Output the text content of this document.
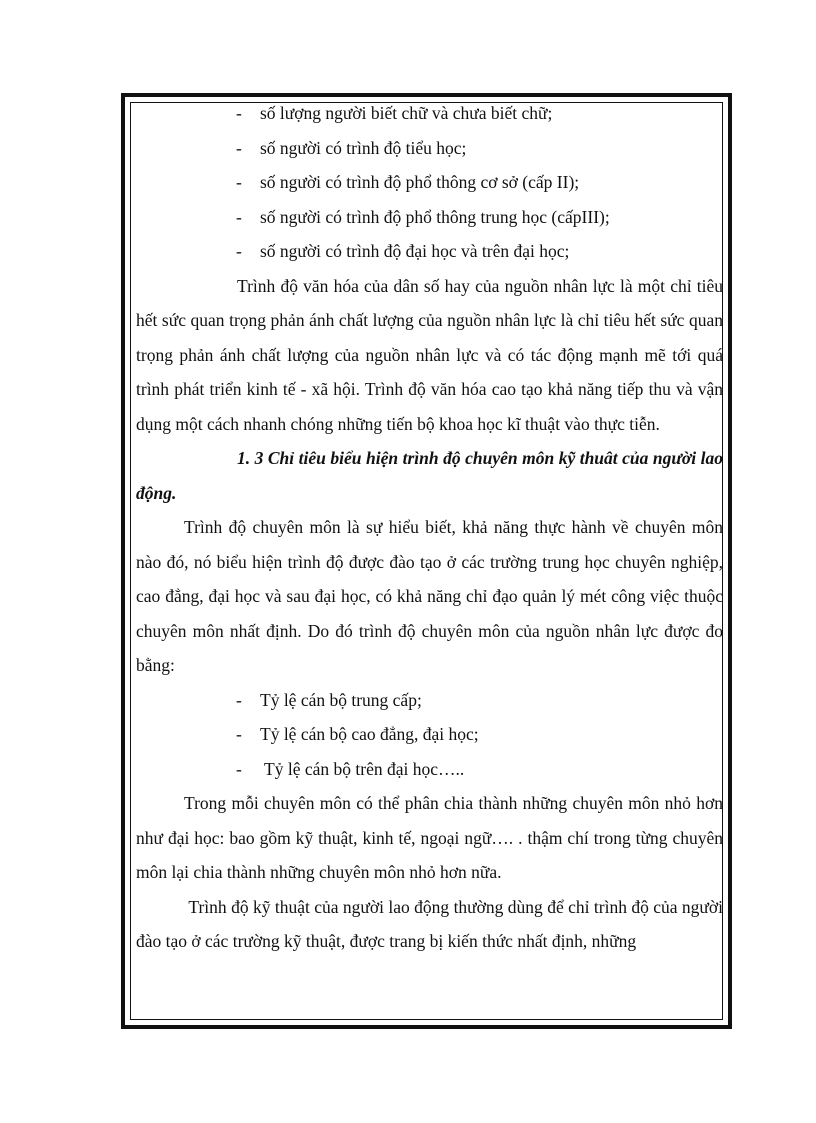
- số lượng người biết chữ và chưa biết chữ;
- số người có trình độ tiểu học;
- số người có trình độ phổ thông cơ sở (cấp II);
- số người có trình độ phổ thông trung học (cấpIII);
- số người có trình độ đại học và trên đại học;

Trình độ văn hóa của dân số hay của nguồn nhân lực là một chỉ tiêu hết sức quan trọng phản ánh chất lượng của nguồn nhân lực là chỉ tiêu hết sức quan trọng phản ánh chất lượng của nguồn nhân lực và có tác động mạnh mẽ tới quá trình phát triển kinh tế - xã hội. Trình độ văn hóa cao tạo khả năng tiếp thu và vận dụng một cách nhanh chóng những tiến bộ khoa học kĩ thuật vào thực tiễn.

1. 3 Chỉ tiêu biểu hiện trình độ chuyên môn kỹ thuât của người lao động.

Trình độ chuyên môn là sự hiểu biết, khả năng thực hành về chuyên môn nào đó, nó biểu hiện trình độ được đào tạo ở các trường trung học chuyên nghiệp, cao đẳng, đại học và sau đại học, có khả năng chỉ đạo quản lý mét công việc thuộc chuyên môn nhất định. Do đó trình độ chuyên môn của nguồn nhân lực được đo bằng:

- Tỷ lệ cán bộ trung cấp;
- Tỷ lệ cán bộ cao đẳng, đại học;
- Tỷ lệ cán bộ trên đại học…..

Trong mỗi chuyên môn có thể phân chia thành những chuyên môn nhỏ hơn như đại học: bao gồm kỹ thuật, kinh tế, ngoại ngữ…. . thậm chí trong từng chuyên môn lại chia thành những chuyên môn nhỏ hơn nữa.

Trình độ kỹ thuật của người lao động thường dùng để chỉ trình độ của người đào tạo ở các trường kỹ thuật, được trang bị kiến thức nhất định, những
